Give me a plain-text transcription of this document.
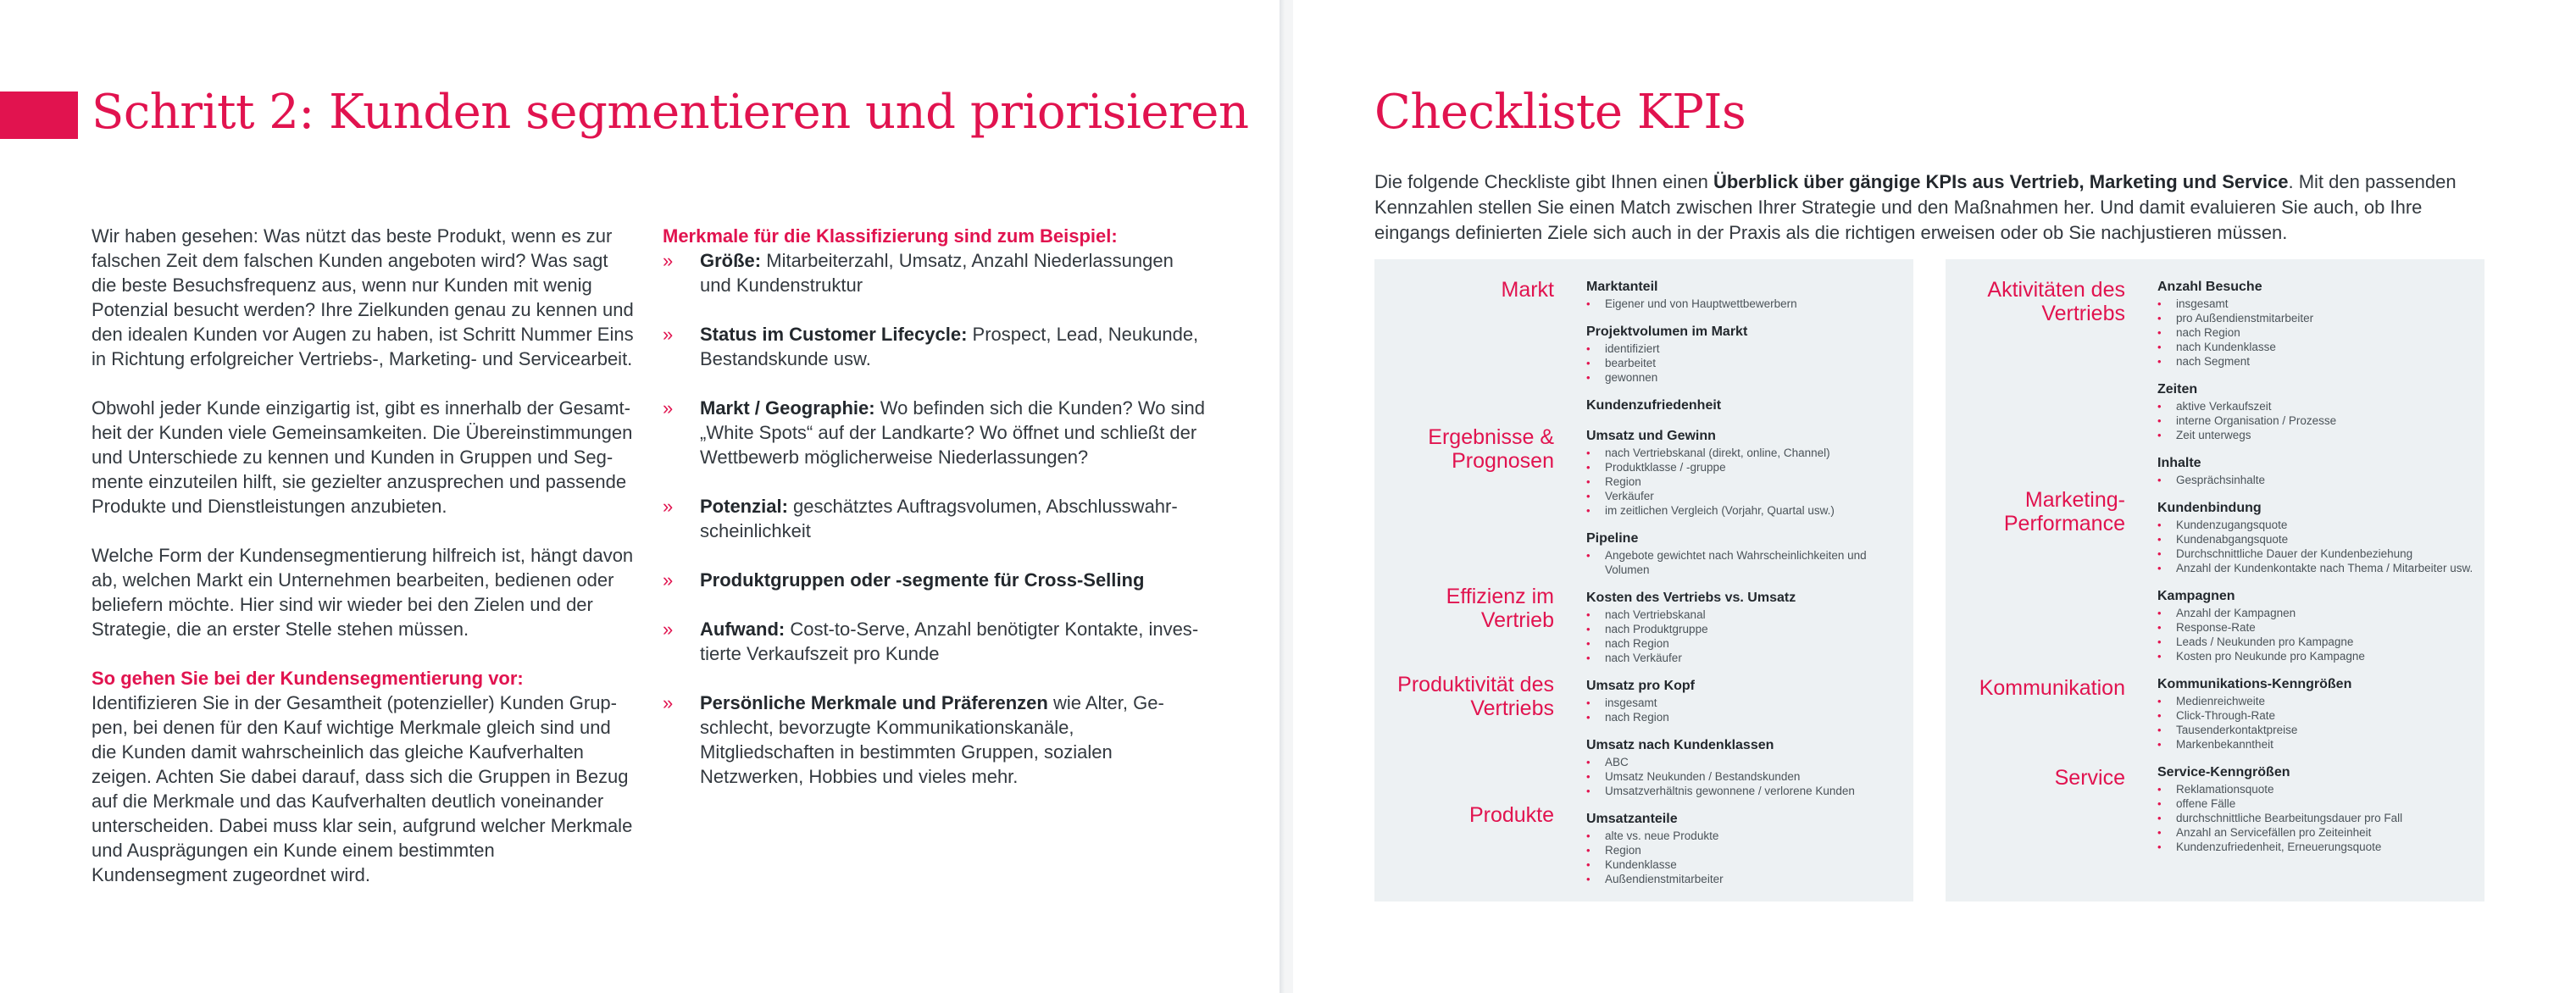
Schritt 2: Kunden segmentieren und priorisieren

Wir haben gesehen: Was nützt das beste Produkt, wenn es zur falschen Zeit dem falschen Kunden angeboten wird? Was sagt die beste Besuchsfrequenz aus, wenn nur Kunden mit wenig Potenzial besucht werden? Ihre Zielkunden genau zu kennen und den idealen Kunden vor Augen zu haben, ist Schritt Nummer Eins in Richtung erfolgreicher Vertriebs-, Marketing- und Servicearbeit.

Obwohl jeder Kunde einzigartig ist, gibt es innerhalb der Gesamtheit der Kunden viele Gemeinsamkeiten. Die Übereinstimmungen und Unterschiede zu kennen und Kunden in Gruppen und Segmente einzuteilen hilft, sie gezielter anzusprechen und passende Produkte und Dienstleistungen anzubieten.

Welche Form der Kundensegmentierung hilfreich ist, hängt davon ab, welchen Markt ein Unternehmen bearbeiten, bedienen oder beliefern möchte. Hier sind wir wieder bei den Zielen und der Strategie, die an erster Stelle stehen müssen.

So gehen Sie bei der Kundensegmentierung vor:

Identifizieren Sie in der Gesamtheit (potenzieller) Kunden Gruppen, bei denen für den Kauf wichtige Merkmale gleich sind und die Kunden damit wahrscheinlich das gleiche Kaufverhalten zeigen. Achten Sie dabei darauf, dass sich die Gruppen in Bezug auf die Merkmale und das Kaufverhalten deutlich voneinander unterscheiden. Dabei muss klar sein, aufgrund welcher Merkmale und Ausprägungen ein Kunde einem bestimmten Kundensegment zugeordnet wird.

Merkmale für die Klassifizierung sind zum Beispiel:
» Größe: Mitarbeiterzahl, Umsatz, Anzahl Niederlassungen und Kundenstruktur
» Status im Customer Lifecycle: Prospect, Lead, Neukunde, Bestandskunde usw.
» Markt / Geographie: Wo befinden sich die Kunden? Wo sind „White Spots“ auf der Landkarte? Wo öffnet und schließt der Wettbewerb möglicherweise Niederlassungen?
» Potenzial: geschätztes Auftragsvolumen, Abschlusswahrscheinlichkeit
» Produktgruppen oder -segmente für Cross-Selling
» Aufwand: Cost-to-Serve, Anzahl benötigter Kontakte, investierte Verkaufszeit pro Kunde
» Persönliche Merkmale und Präferenzen wie Alter, Geschlecht, bevorzugte Kommunikationskanäle, Mitgliedschaften in bestimmten Gruppen, sozialen Netzwerken, Hobbies und vieles mehr.
Checkliste KPIs
Die folgende Checkliste gibt Ihnen einen Überblick über gängige KPIs aus Vertrieb, Marketing und Service. Mit den passenden Kennzahlen stellen Sie einen Match zwischen Ihrer Strategie und den Maßnahmen her. Und damit evaluieren Sie auch, ob Ihre eingangs definierten Ziele sich auch in der Praxis als die richtigen erweisen oder ob Sie nachjustieren müssen.
Markt
Ergebnisse & Prognosen
Effizienz im Vertrieb
Produktivität des Vertriebs
Produkte
Marktanteil
• Eigener und von Hauptwettbewerbern
Projektvolumen im Markt
• identifiziert
• bearbeitet
• gewonnen
Kundenzufriedenheit
Umsatz und Gewinn
• nach Vertriebskanal (direkt, online, Channel)
• Produktklasse / -gruppe
• Region
• Verkäufer
• im zeitlichen Vergleich (Vorjahr, Quartal usw.)
Pipeline
• Angebote gewichtet nach Wahrscheinlichkeiten und Volumen
Kosten des Vertriebs vs. Umsatz
• nach Vertriebskanal
• nach Produktgruppe
• nach Region
• nach Verkäufer
Umsatz pro Kopf
• insgesamt
• nach Region
Umsatz nach Kundenklassen
• ABC
• Umsatz Neukunden / Bestandskunden
• Umsatzverhältnis gewonnene / verlorene Kunden
Umsatzanteile
• alte vs. neue Produkte
• Region
• Kundenklasse
• Außendienstmitarbeiter
Aktivitäten des Vertriebs
Marketing-Performance
Kommunikation
Service
Anzahl Besuche
• insgesamt
• pro Außendienstmitarbeiter
• nach Region
• nach Kundenklasse
• nach Segment
Zeiten
• aktive Verkaufszeit
• interne Organisation / Prozesse
• Zeit unterwegs
Inhalte
• Gesprächsinhalte
Kundenbindung
• Kundenzugangsquote
• Kundenabgangsquote
• Durchschnittliche Dauer der Kundenbeziehung
• Anzahl der Kundenkontakte nach Thema / Mitarbeiter usw.
Kampagnen
• Anzahl der Kampagnen
• Response-Rate
• Leads / Neukunden pro Kampagne
• Kosten pro Neukunde pro Kampagne
Kommunikations-Kenngrößen
• Medienreichweite
• Click-Through-Rate
• Tausenderkontaktpreise
• Markenbekanntheit
Service-Kenngrößen
• Reklamationsquote
• offene Fälle
• durchschnittliche Bearbeitungsdauer pro Fall
• Anzahl an Servicefällen pro Zeiteinheit
• Kundenzufriedenheit, Erneuerungsquote
